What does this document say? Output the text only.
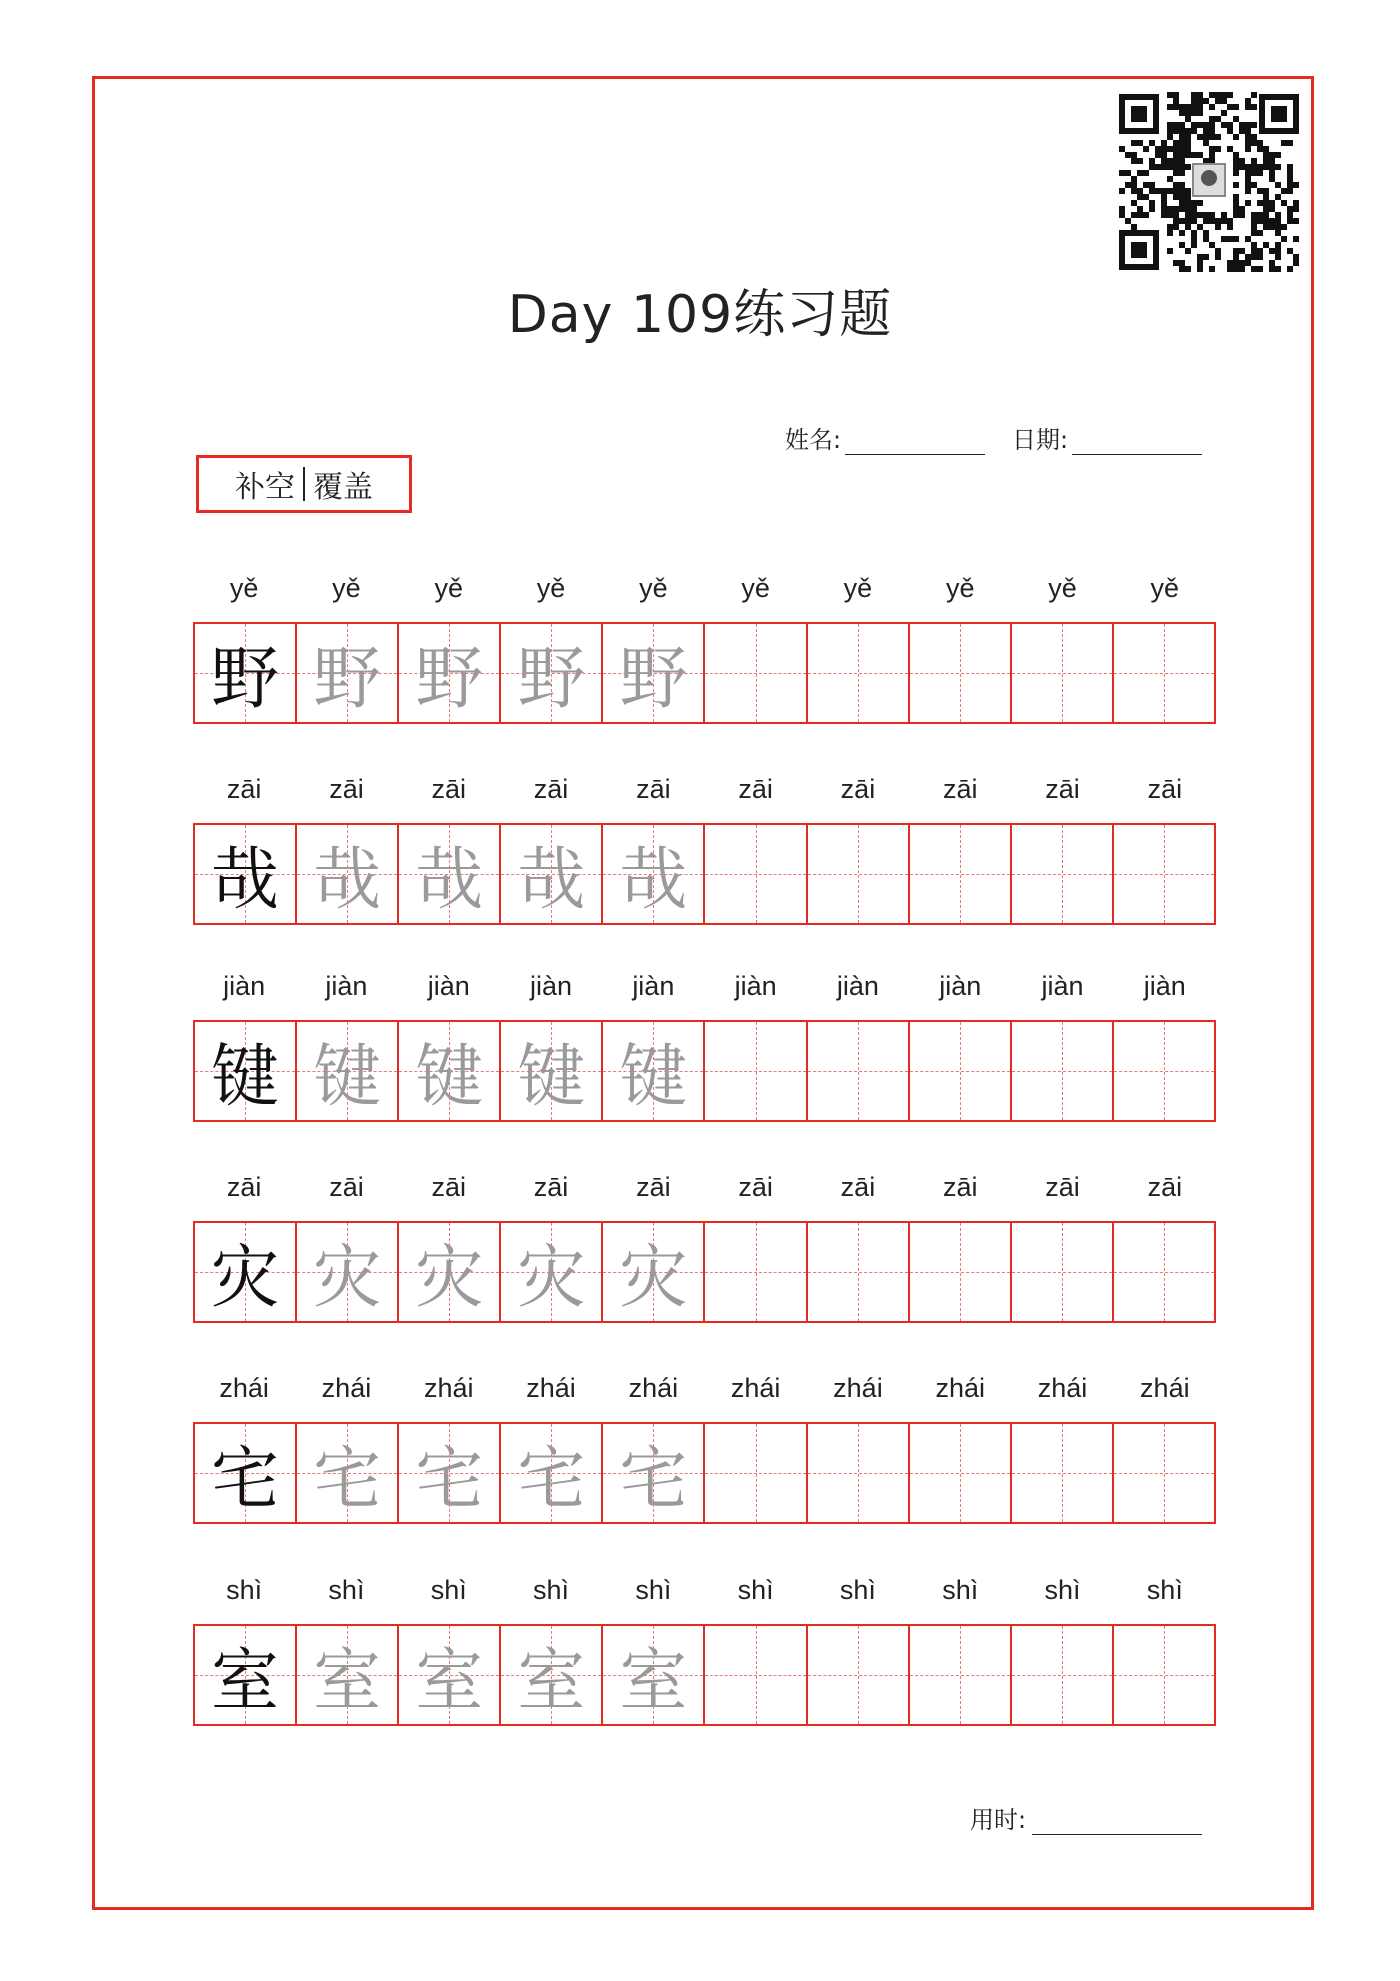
Day 109练习题
姓名:	日期:
补空 覆盖
yě	yě	yě	yě	yě	yě	yě	yě	yě	yě
野 野 野 野 野
zāi	zāi	zāi	zāi	zāi	zāi	zāi	zāi	zāi	zāi
哉 哉 哉 哉 哉
jiàn	jiàn	jiàn	jiàn	jiàn	jiàn	jiàn	jiàn	jiàn	jiàn
键 键 键 键 键
zāi	zāi	zāi	zāi	zāi	zāi	zāi	zāi	zāi	zāi
灾 灾 灾 灾 灾
zhái	zhái	zhái	zhái	zhái	zhái	zhái	zhái	zhái	zhái
宅 宅 宅 宅 宅
shì	shì	shì	shì	shì	shì	shì	shì	shì	shì
室 室 室 室 室
用时:
